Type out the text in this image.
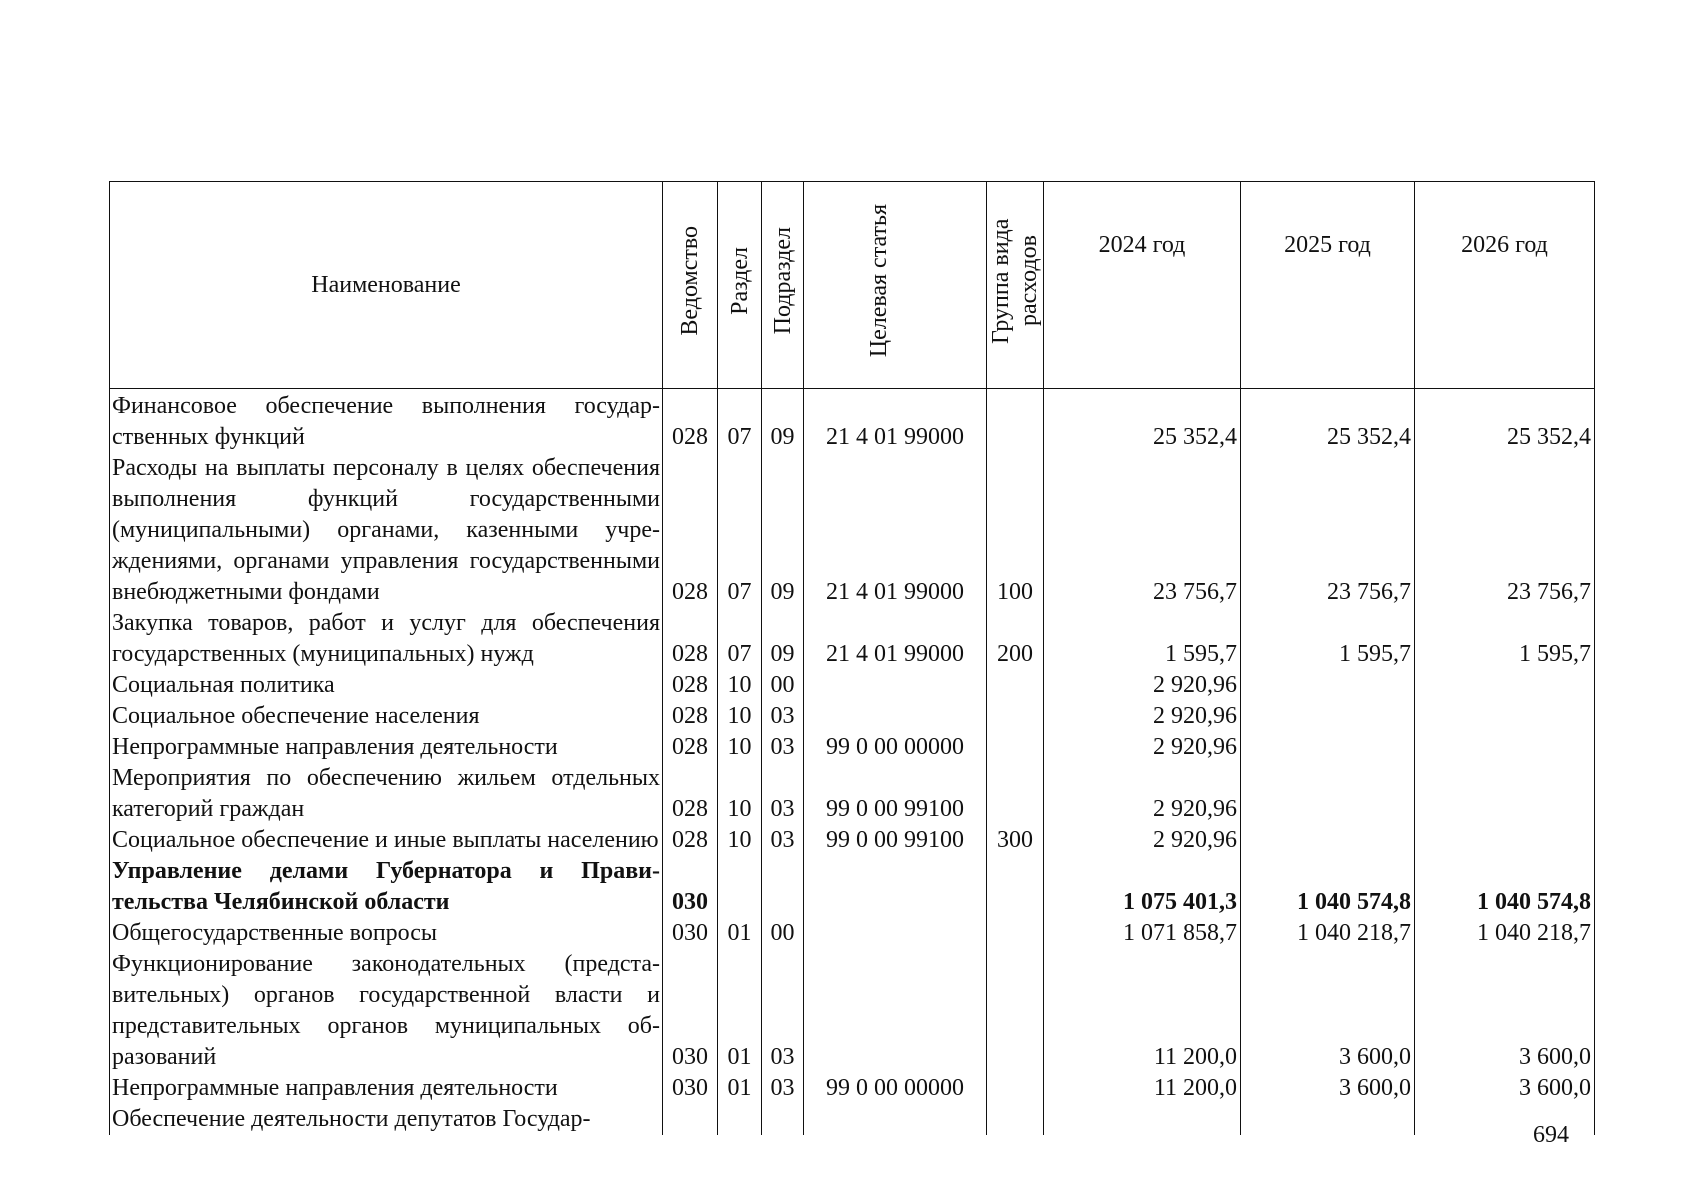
Наименование	Ведомство	Раздел	Подраздел	Целевая статья	Группа вида расходов	2024 год	2025 год	2026 год
Финансовое обеспечение выполнения государственных функций	028	07	09	21 4 01 99000		25 352,4	25 352,4	25 352,4
Расходы на выплаты персоналу в целях обеспечения выполнения функций государственными (муниципальными) органами, казенными учреждениями, органами управления государственными внебюджетными фондами	028	07	09	21 4 01 99000	100	23 756,7	23 756,7	23 756,7
Закупка товаров, работ и услуг для обеспечения государственных (муниципальных) нужд	028	07	09	21 4 01 99000	200	1 595,7	1 595,7	1 595,7
Социальная политика	028	10	00			2 920,96		
Социальное обеспечение населения	028	10	03			2 920,96		
Непрограммные направления деятельности	028	10	03	99 0 00 00000		2 920,96		
Мероприятия по обеспечению жильем отдельных категорий граждан	028	10	03	99 0 00 99100		2 920,96		
Социальное обеспечение и иные выплаты населению	028	10	03	99 0 00 99100	300	2 920,96		
Управление делами Губернатора и Правительства Челябинской области	030					1 075 401,3	1 040 574,8	1 040 574,8
Общегосударственные вопросы	030	01	00			1 071 858,7	1 040 218,7	1 040 218,7
Функционирование законодательных (представительных) органов государственной власти и представительных органов муниципальных образований	030	01	03			11 200,0	3 600,0	3 600,0
Непрограммные направления деятельности	030	01	03	99 0 00 00000		11 200,0	3 600,0	3 600,0
Обеспечение деятельности депутатов Государ-								
694
